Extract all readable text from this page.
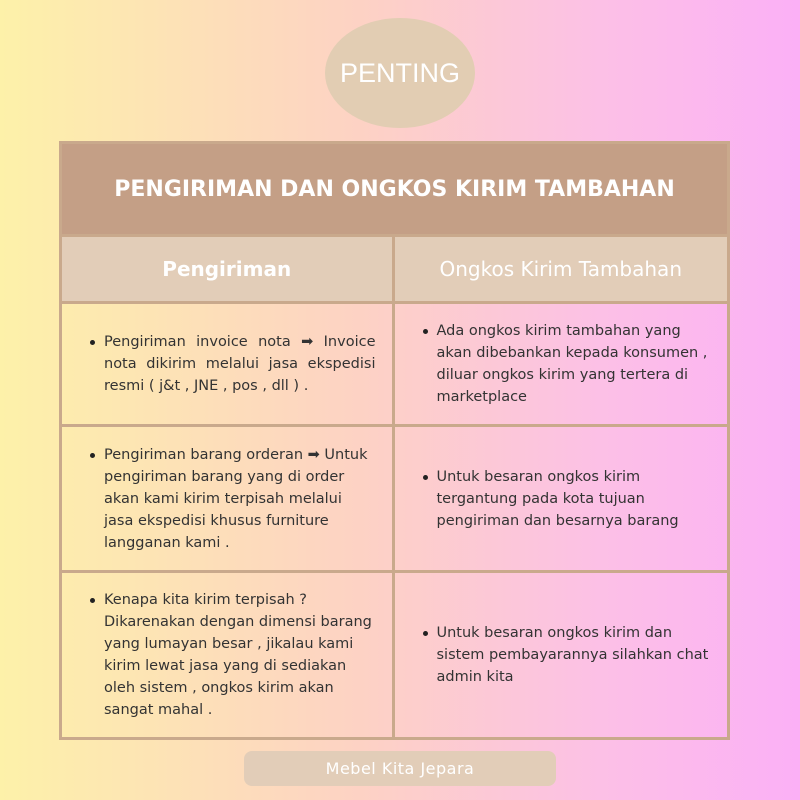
PENTING
PENGIRIMAN DAN ONGKOS KIRIM TAMBAHAN
Pengiriman	Ongkos Kirim Tambahan
Pengiriman invoice nota ➡ Invoice nota dikirim melalui jasa ekspedisi resmi ( j&t , JNE , pos , dll ) .
Ada ongkos kirim tambahan yang akan dibebankan kepada konsumen , diluar ongkos kirim yang tertera di marketplace
Pengiriman barang orderan ➡ Untuk pengiriman barang yang di order akan kami kirim terpisah melalui jasa ekspedisi khusus furniture langganan kami .
Untuk besaran ongkos kirim tergantung pada kota tujuan pengiriman dan besarnya barang
Kenapa kita kirim terpisah ? Dikarenakan dengan dimensi barang yang lumayan besar , jikalau kami kirim lewat jasa yang di sediakan oleh sistem , ongkos kirim akan sangat mahal .
Untuk besaran ongkos kirim dan sistem pembayarannya silahkan chat admin kita
Mebel Kita Jepara
